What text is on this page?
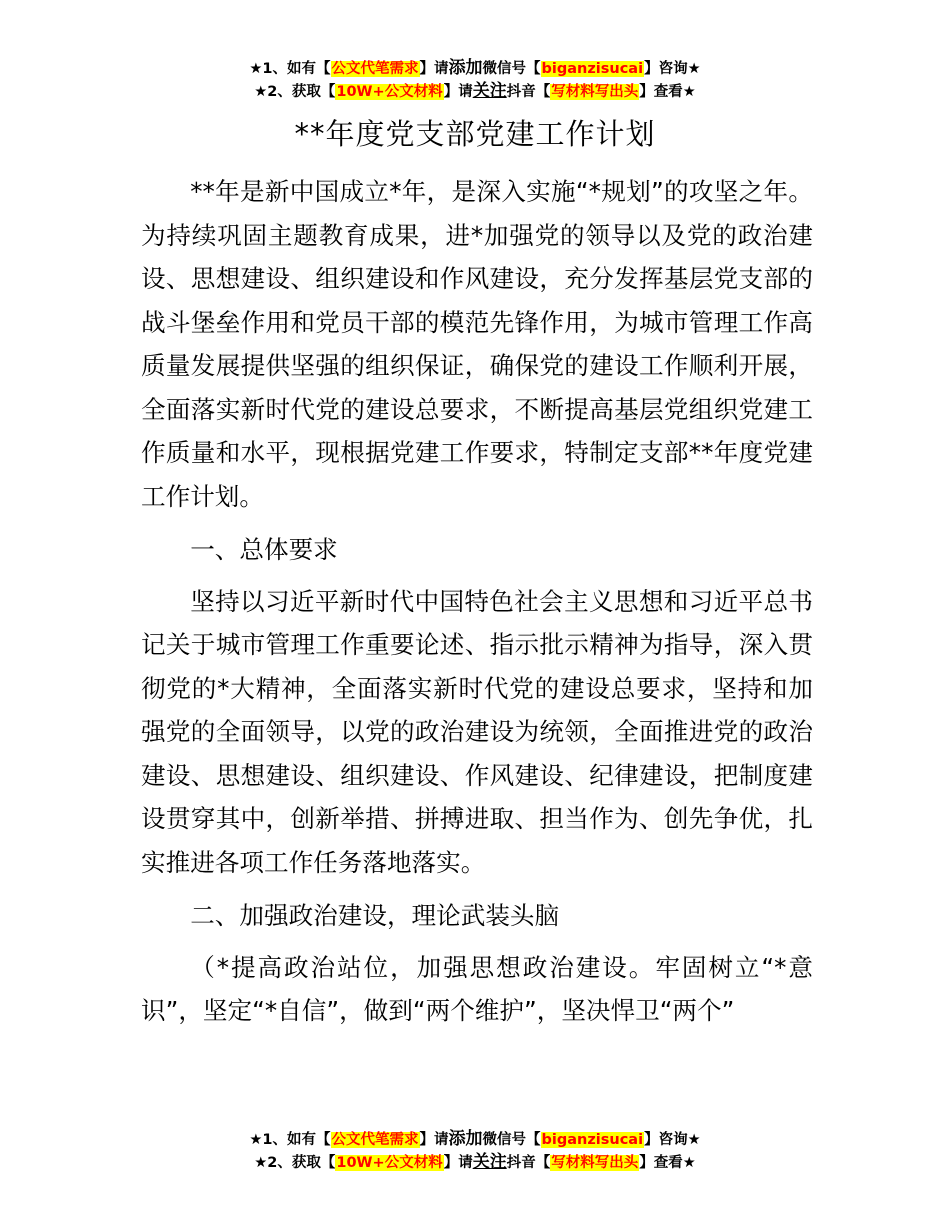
★1、如有【公文代笔需求】请添加微信号【biganzisucai】咨询★
★2、获取【10W+公文材料】请关注抖音【写材料写出头】查看★
**年度党支部党建工作计划

**年是新中国成立*年，是深入实施“*规划”的攻坚之年。为持续巩固主题教育成果，进*加强党的领导以及党的政治建设、思想建设、组织建设和作风建设，充分发挥基层党支部的战斗堡垒作用和党员干部的模范先锋作用，为城市管理工作高质量发展提供坚强的组织保证，确保党的建设工作顺利开展，全面落实新时代党的建设总要求，不断提高基层党组织党建工作质量和水平，现根据党建工作要求，特制定支部**年度党建工作计划。

一、总体要求

坚持以习近平新时代中国特色社会主义思想和习近平总书记关于城市管理工作重要论述、指示批示精神为指导，深入贯彻党的*大精神，全面落实新时代党的建设总要求，坚持和加强党的全面领导，以党的政治建设为统领，全面推进党的政治建设、思想建设、组织建设、作风建设、纪律建设，把制度建设贯穿其中，创新举措、拼搏进取、担当作为、创先争优，扎实推进各项工作任务落地落实。

二、加强政治建设，理论武装头脑

（*提高政治站位，加强思想政治建设。牢固树立“*意识”，坚定“*自信”，做到“两个维护”，坚决悍卫“两个”

★1、如有【公文代笔需求】请添加微信号【biganzisucai】咨询★
★2、获取【10W+公文材料】请关注抖音【写材料写出头】查看★
